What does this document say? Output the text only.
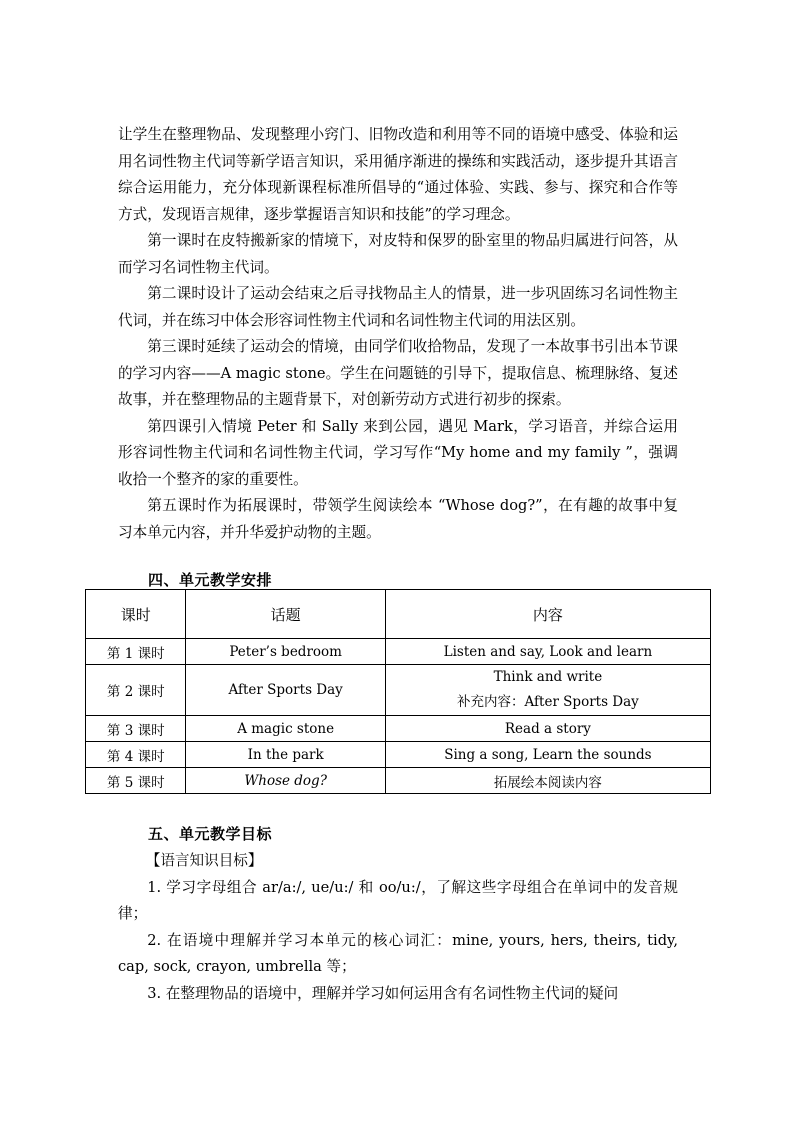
让学生在整理物品、发现整理小窍门、旧物改造和利用等不同的语境中感受、体验和运用名词性物主代词等新学语言知识，采用循序渐进的操练和实践活动，逐步提升其语言综合运用能力，充分体现新课程标准所倡导的“通过体验、实践、参与、探究和合作等方式，发现语言规律，逐步掌握语言知识和技能”的学习理念。

第一课时在皮特搬新家的情境下，对皮特和保罗的卧室里的物品归属进行问答，从而学习名词性物主代词。

第二课时设计了运动会结束之后寻找物品主人的情景，进一步巩固练习名词性物主代词，并在练习中体会形容词性物主代词和名词性物主代词的用法区别。

第三课时延续了运动会的情境，由同学们收拾物品，发现了一本故事书引出本节课的学习内容——A magic stone。学生在问题链的引导下，提取信息、梳理脉络、复述故事，并在整理物品的主题背景下，对创新劳动方式进行初步的探索。

第四课引入情境 Peter 和 Sally 来到公园，遇见 Mark，学习语音，并综合运用形容词性物主代词和名词性物主代词，学习写作“My home and my family ”，强调收拾一个整齐的家的重要性。

第五课时作为拓展课时，带领学生阅读绘本 “Whose dog?”，在有趣的故事中复习本单元内容，并升华爱护动物的主题。

四、单元教学安排
课时	话题	内容
第 1 课时	Peter’s bedroom	Listen and say, Look and learn
第 2 课时	After Sports Day	Think and write
补充内容：After Sports Day

第 3 课时	A magic stone	Read a story
第 4 课时	In the park	Sing a song, Learn the sounds
第 5 课时	Whose dog?	拓展绘本阅读内容
五、单元教学目标

【语言知识目标】

1. 学习字母组合 ar/a:/, ue/u:/ 和 oo/u:/，了解这些字母组合在单词中的发音规律；

2. 在语境中理解并学习本单元的核心词汇：mine, yours, hers, theirs, tidy, cap, sock, crayon, umbrella 等；

3. 在整理物品的语境中，理解并学习如何运用含有名词性物主代词的疑问
